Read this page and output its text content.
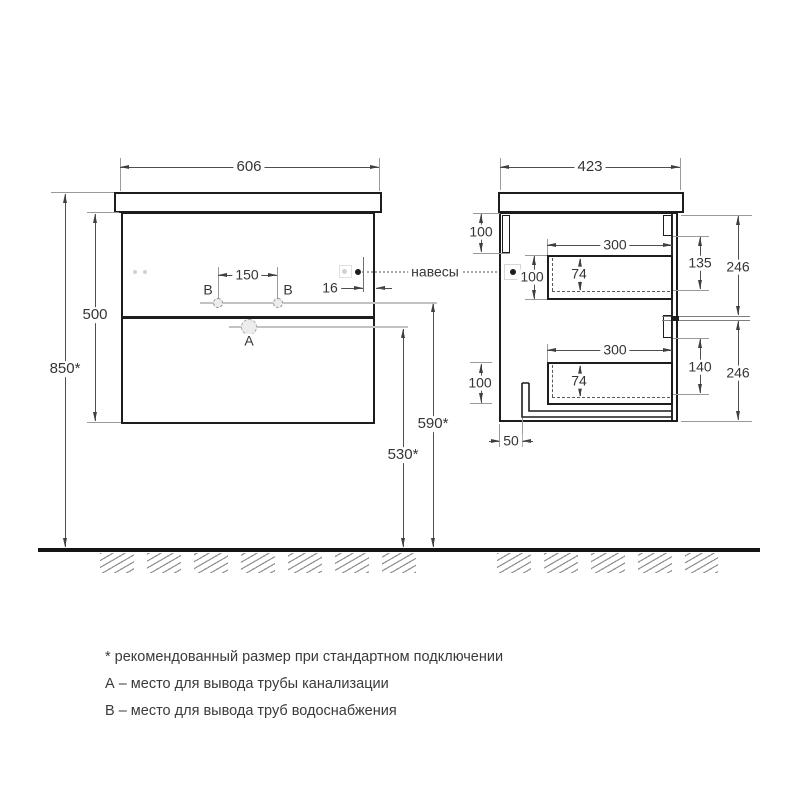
B	B
A
150	навесы
16
606
850*
500
590*
530*
423
100
300
74
100
135 246
140 246
300
74
100
50
* рекомендованный размер при стандартном подключении
А – место для вывода трубы канализации
В – место для вывода труб водоснабжения
